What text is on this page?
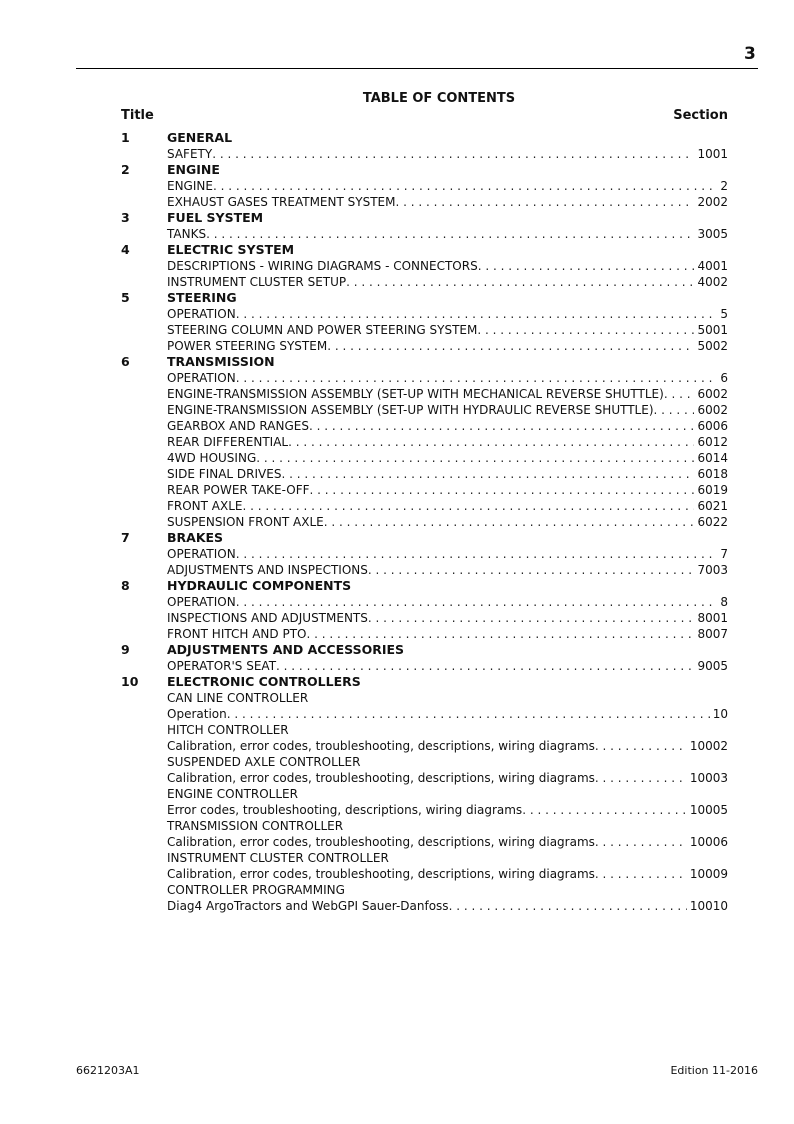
3
TABLE OF CONTENTS
Title	Section
1	GENERAL
SAFETY . . .	1001
2	ENGINE
ENGINE . . .	2
EXHAUST GASES TREATMENT SYSTEM . . .	2002
3	FUEL SYSTEM
TANKS . . .	3005
4	ELECTRIC SYSTEM
DESCRIPTIONS - WIRING DIAGRAMS - CONNECTORS . . .	4001
INSTRUMENT CLUSTER SETUP . . .	4002
5	STEERING
OPERATION . . .	5
STEERING COLUMN AND POWER STEERING SYSTEM . . .	5001
POWER STEERING SYSTEM . . .	5002
6	TRANSMISSION
OPERATION . . .	6
ENGINE-TRANSMISSION ASSEMBLY (SET-UP WITH MECHANICAL REVERSE SHUTTLE) . . .	6002
ENGINE-TRANSMISSION ASSEMBLY (SET-UP WITH HYDRAULIC REVERSE SHUTTLE) . . .	6002
GEARBOX AND RANGES . . .	6006
REAR DIFFERENTIAL . . .	6012
4WD HOUSING . . .	6014
SIDE FINAL DRIVES . . .	6018
REAR POWER TAKE-OFF . . .	6019
FRONT AXLE . . .	6021
SUSPENSION FRONT AXLE . . .	6022
7	BRAKES
OPERATION . . .	7
ADJUSTMENTS AND INSPECTIONS . . .	7003
8	HYDRAULIC COMPONENTS
OPERATION . . .	8
INSPECTIONS AND ADJUSTMENTS . . .	8001
FRONT HITCH AND PTO . . .	8007
9	ADJUSTMENTS AND ACCESSORIES
OPERATOR'S SEAT . . .	9005
10 ELECTRONIC CONTROLLERS
CAN LINE CONTROLLER
Operation . . .	10
HITCH CONTROLLER
Calibration, error codes, troubleshooting, descriptions, wiring diagrams . . .	10002
SUSPENDED AXLE CONTROLLER
Calibration, error codes, troubleshooting, descriptions, wiring diagrams . . .	10003
ENGINE CONTROLLER
Error codes, troubleshooting, descriptions, wiring diagrams . . .	10005
TRANSMISSION CONTROLLER
Calibration, error codes, troubleshooting, descriptions, wiring diagrams . . .	10006
INSTRUMENT CLUSTER CONTROLLER
Calibration, error codes, troubleshooting, descriptions, wiring diagrams . . .	10009
CONTROLLER PROGRAMMING
Diag4 ArgoTractors and WebGPI Sauer-Danfoss . . .	10010
6621203A1	Edition 11-2016
